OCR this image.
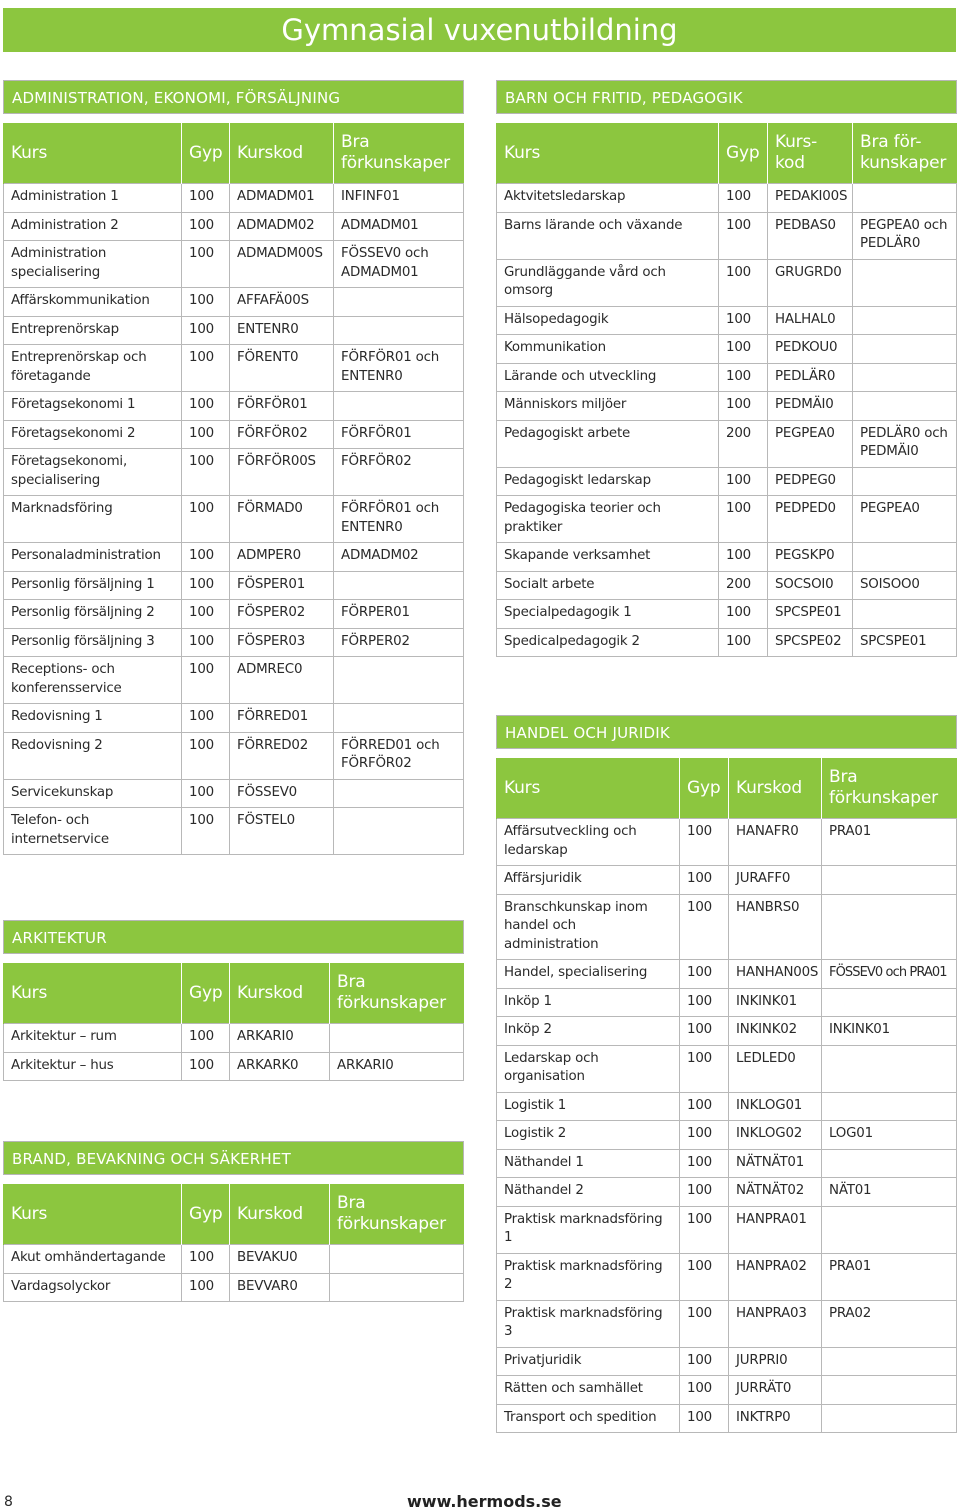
Gymnasial vuxenutbildning
ADMINISTRATION, EKONOMI, FÖRSÄLJNING
Kurs	Gyp	Kurskod	Bra
förkunskaper
Administration 1	100	ADMADM01	INFINF01
Administration 2	100	ADMADM02	ADMADM01
Administration specialisering	100	ADMADM00S	FÖSSEV0 och ADMADM01
Affärskommunikation	100	AFFAFÄ00S	
Entreprenörskap	100	ENTENR0	
Entreprenörskap och företagande	100	FÖRENT0	FÖRFÖR01 och ENTENR0
Företagsekonomi 1	100	FÖRFÖR01	
Företagsekonomi 2	100	FÖRFÖR02	FÖRFÖR01
Företagsekonomi, specialisering	100	FÖRFÖR00S	FÖRFÖR02
Marknadsföring	100	FÖRMAD0	FÖRFÖR01 och ENTENR0
Personaladministration	100	ADMPER0	ADMADM02
Personlig försäljning 1	100	FÖSPER01	
Personlig försäljning 2	100	FÖSPER02	FÖRPER01
Personlig försäljning 3	100	FÖSPER03	FÖRPER02
Receptions- och konferensservice	100	ADMREC0	
Redovisning 1	100	FÖRRED01	
Redovisning 2	100	FÖRRED02	FÖRRED01 och FÖRFÖR02
Servicekunskap	100	FÖSSEV0	
Telefon- och internetservice	100	FÖSTEL0	
ARKITEKTUR
Kurs	Gyp	Kurskod	Bra
förkunskaper
Arkitektur – rum	100	ARKARI0	
Arkitektur – hus	100	ARKARK0	ARKARI0
BRAND, BEVAKNING OCH SÄKERHET
Kurs	Gyp	Kurskod	Bra
förkunskaper
Akut omhändertagande	100	BEVAKU0	
Vardagsolyckor	100	BEVVAR0	
BARN OCH FRITID, PEDAGOGIK
Kurs	Gyp	Kurs-
kod	Bra för-
kunskaper
Aktvitetsledarskap	100	PEDAKI00S	
Barns lärande och växande	100	PEDBAS0	PEGPEA0 och PEDLÄR0
Grundläggande vård och omsorg	100	GRUGRD0	
Hälsopedagogik	100	HALHAL0	
Kommunikation	100	PEDKOU0	
Lärande och utveckling	100	PEDLÄR0	
Människors miljöer	100	PEDMÄI0	
Pedagogiskt arbete	200	PEGPEA0	PEDLÄR0 och PEDMÄI0
Pedagogiskt ledarskap	100	PEDPEG0	
Pedagogiska teorier och praktiker	100	PEDPED0	PEGPEA0
Skapande verksamhet	100	PEGSKP0	
Socialt arbete	200	SOCSOI0	SOISOO0
Specialpedagogik 1	100	SPCSPE01	
Spedicalpedagogik 2	100	SPCSPE02	SPCSPE01
HANDEL OCH JURIDIK
Kurs	Gyp	Kurskod	Bra
förkunskaper
Affärsutveckling och ledarskap	100	HANAFR0	PRA01
Affärsjuridik	100	JURAFF0	
Branschkunskap inom handel och administration	100	HANBRS0	
Handel, specialisering	100	HANHAN00S	FÖSSEV0 och PRA01
Inköp 1	100	INKINK01	
Inköp 2	100	INKINK02	INKINK01
Ledarskap och organisation	100	LEDLED0	
Logistik 1	100	INKLOG01	
Logistik 2	100	INKLOG02	LOG01
Näthandel 1	100	NÄTNÄT01	
Näthandel 2	100	NÄTNÄT02	NÄT01
Praktisk marknadsföring 1	100	HANPRA01	
Praktisk marknadsföring 2	100	HANPRA02	PRA01
Praktisk marknadsföring 3	100	HANPRA03	PRA02
Privatjuridik	100	JURPRI0	
Rätten och samhället	100	JURRÄT0	
Transport och spedition	100	INKTRP0	
8	www.hermods.se
